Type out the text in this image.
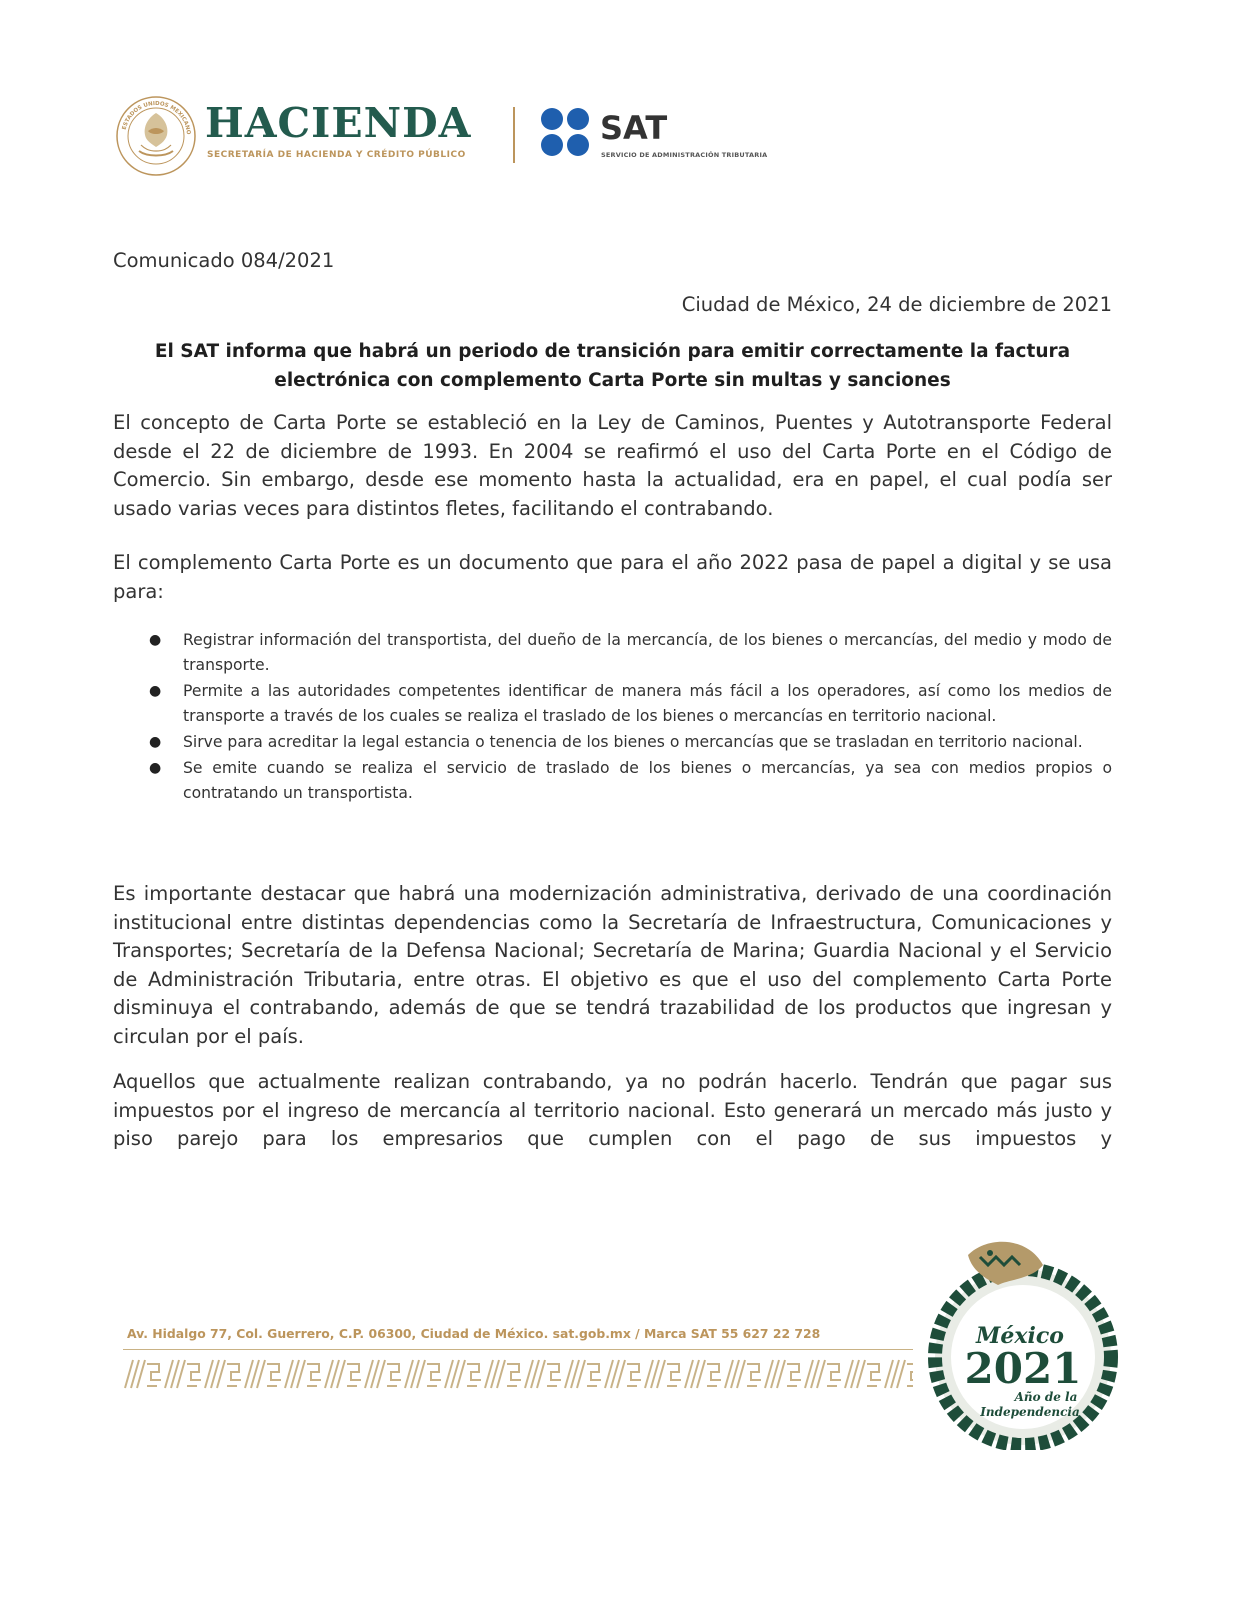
ESTADOS UNIDOS MEXICANO HACIENDA
SECRETARÍA DE HACIENDA Y CRÉDITO PÚBLICO
SAT
SERVICIO DE ADMINISTRACIÓN TRIBUTARIA
Comunicado 084/2021
Ciudad de México, 24 de diciembre de 2021
El SAT informa que habrá un periodo de transición para emitir correctamente la factura
electrónica con complemento Carta Porte sin multas y sanciones

El concepto de Carta Porte se estableció en la Ley de Caminos, Puentes y Autotransporte Federal desde el 22 de diciembre de 1993. En 2004 se reafirmó el uso del Carta Porte en el Código de Comercio. Sin embargo, desde ese momento hasta la actualidad, era en papel, el cual podía ser usado varias veces para distintos fletes, facilitando el contrabando.

El complemento Carta Porte es un documento que para el año 2022 pasa de papel a digital y se usa para:

● Registrar información del transportista, del dueño de la mercancía, de los bienes o mercancías, del medio y modo de transporte.
● Permite a las autoridades competentes identificar de manera más fácil a los operadores, así como los medios de transporte a través de los cuales se realiza el traslado de los bienes o mercancías en territorio nacional.
● Sirve para acreditar la legal estancia o tenencia de los bienes o mercancías que se trasladan en territorio nacional.
● Se emite cuando se realiza el servicio de traslado de los bienes o mercancías, ya sea con medios propios o contratando un transportista.

Es importante destacar que habrá una modernización administrativa, derivado de una coordinación institucional entre distintas dependencias como la Secretaría de Infraestructura, Comunicaciones y Transportes; Secretaría de la Defensa Nacional; Secretaría de Marina; Guardia Nacional y el Servicio de Administración Tributaria, entre otras. El objetivo es que el uso del complemento Carta Porte disminuya el contrabando, además de que se tendrá trazabilidad de los productos que ingresan y circulan por el país.

Aquellos que actualmente realizan contrabando, ya no podrán hacerlo. Tendrán que pagar sus impuestos por el ingreso de mercancía al territorio nacional. Esto generará un mercado más justo y piso parejo para los empresarios que cumplen con el pago de sus impuestos y

Av. Hidalgo 77, Col. Guerrero, C.P. 06300, Ciudad de México. sat.gob.mx / Marca SAT 55 627 22 728	México
2021
Año de la
Independencia
